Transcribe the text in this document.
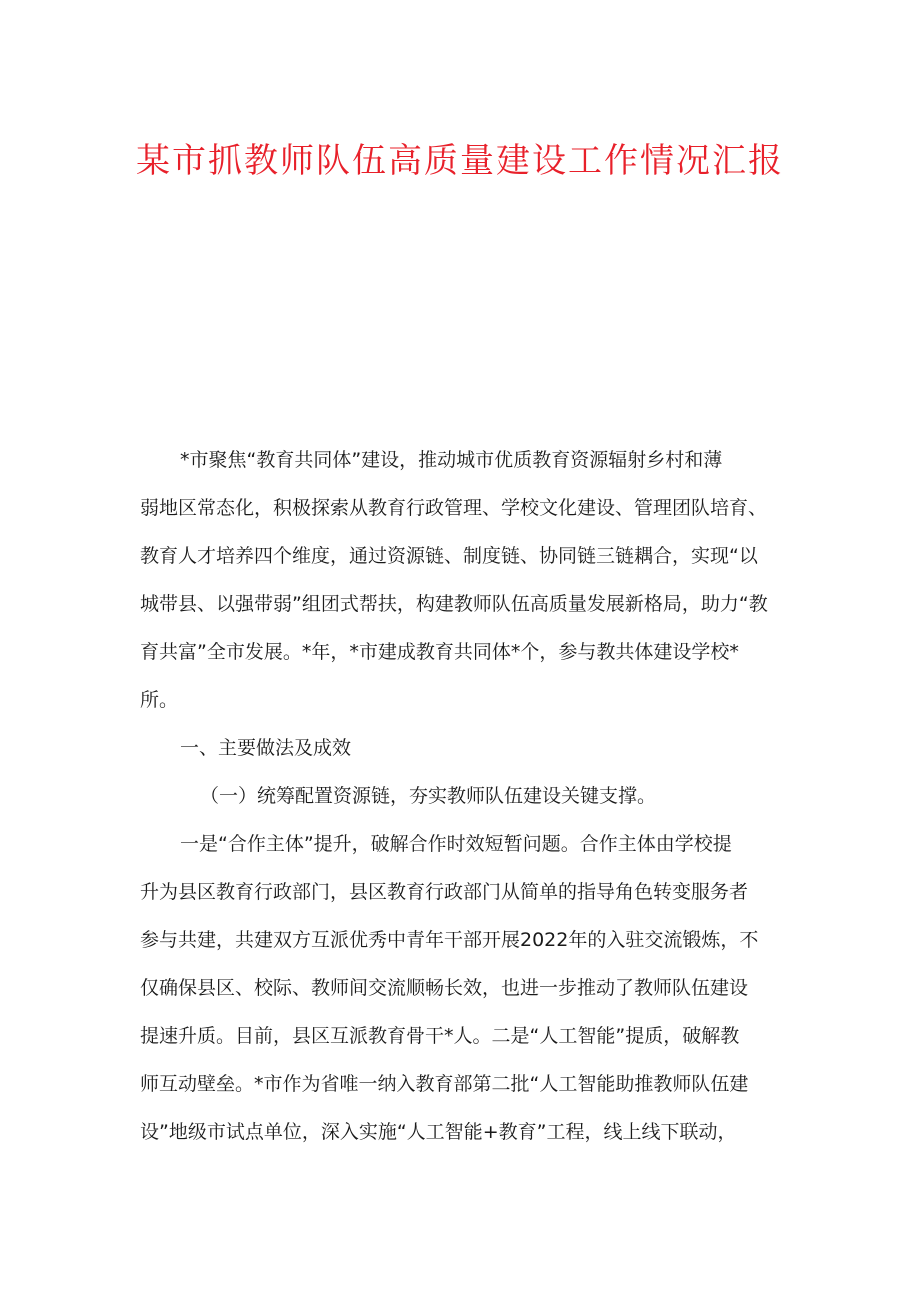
某市抓教师队伍高质量建设工作情况汇报
*市聚焦“教育共同体”建设，推动城市优质教育资源辐射乡村和薄
弱地区常态化，积极探索从教育行政管理、学校文化建设、管理团队培育、
教育人才培养四个维度，通过资源链、制度链、协同链三链耦合，实现“以
城带县、以强带弱”组团式帮扶，构建教师队伍高质量发展新格局，助力“教
育共富”全市发展。*年，*市建成教育共同体*个，参与教共体建设学校*
所。
一、主要做法及成效
（一）统筹配置资源链，夯实教师队伍建设关键支撑。
一是“合作主体”提升，破解合作时效短暂问题。合作主体由学校提
升为县区教育行政部门，县区教育行政部门从简单的指导角色转变服务者
参与共建，共建双方互派优秀中青年干部开展2022年的入驻交流锻炼，不
仅确保县区、校际、教师间交流顺畅长效，也进一步推动了教师队伍建设
提速升质。目前，县区互派教育骨干*人。二是“人工智能”提质，破解教
师互动壁垒。*市作为省唯一纳入教育部第二批“人工智能助推教师队伍建
设”地级市试点单位，深入实施“人工智能+教育”工程，线上线下联动，
